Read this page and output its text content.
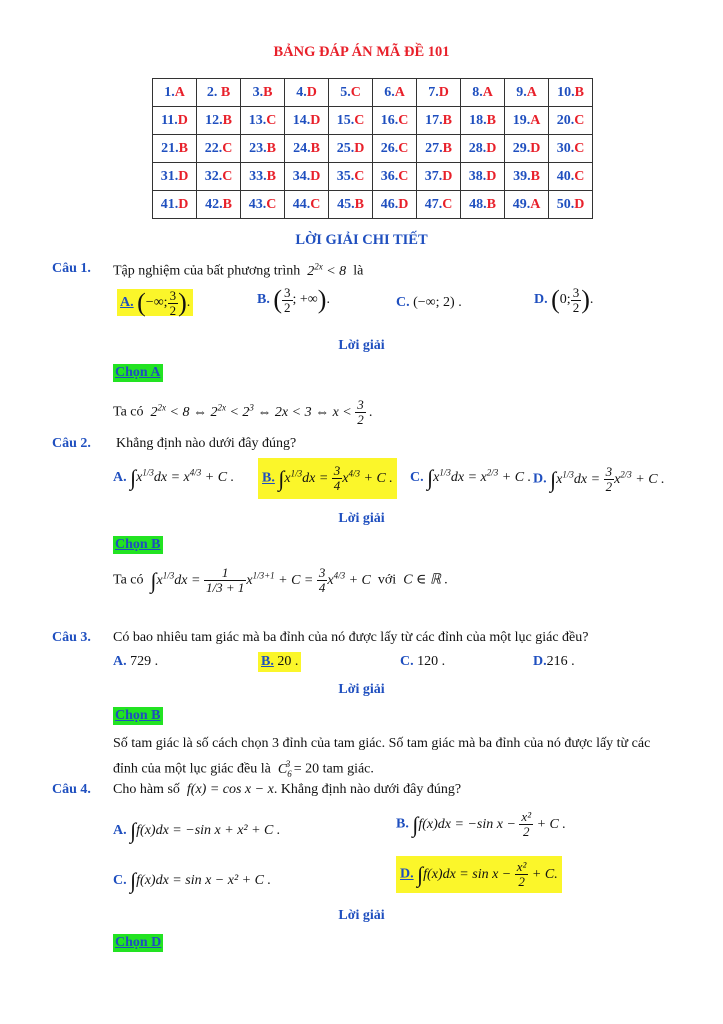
BẢNG ĐÁP ÁN MÃ ĐỀ 101
1.A	2. B	3.B	4.D	5.C	6.A	7.D	8.A	9.A	10.B
11.D	12.B	13.C	14.D	15.C	16.C	17.B	18.B	19.A	20.C
21.B	22.C	23.B	24.B	25.D	26.C	27.B	28.D	29.D	30.C
31.D	32.C	33.B	34.D	35.C	36.C	37.D	38.D	39.B	40.C
41.D	42.B	43.C	44.C	45.B	46.D	47.C	48.B	49.A	50.D
LỜI GIẢI CHI TIẾT
Câu 1. Tập nghiệm của bất phương trình $2^{2x} < 8$ là
A. (−∞; $\frac{3}{2}$ ).	B. ( $\frac{3}{2}$ ; +∞).	C. (−∞; 2) .	D. (0; $\frac{3}{2}$ ).
Lời giải
Chọn A
Ta có $2^{2x} < 8$ ⇔ $2^{2x} < 2^3$ ⇔ 2x < 3 ⇔ $x < \frac{3}{2}$ .
Câu 2. Khẳng định nào dưới đây đúng?
A. $\int x^{1/3}dx = x^{4/3} + C$ . B. $\int x^{1/3}dx = \frac{3}{4} x^{4/3} + C$ . C. $\int x^{1/3}dx = x^{2/3} + C$ . D. $\int x^{1/3}dx = \frac{3}{2} x^{2/3} + C$ .
Lời giải
Chọn B
Ta có $\int x^{1/3}dx = \frac{1}{1/3 + 1} x^{1/3+1} + C = \frac{3}{4} x^{4/3} + C$ với C ∈ ℝ .
Câu 3. Có bao nhiêu tam giác mà ba đỉnh của nó được lấy từ các đỉnh của một lục giác đều?
A. 729 .	B. 20 .	C. 120 .	D.216 .
Lời giải
Chọn B
Số tam giác là số cách chọn 3 đỉnh của tam giác. Số tam giác mà ba đỉnh của nó được lấy từ các
đỉnh của một lục giác đều là $C_6^3 = 20$ tam giác.
Câu 4. Cho hàm số f(x) = cos x − x. Khẳng định nào dưới đây đúng?
A. ∫f(x)dx = −sin x + x² + C .	B. ∫f(x)dx = −sin $x - \frac{\text{x²}}{2} + C$ .
C. ∫f(x)dx = sin x − x² + C .	D. $\int f(x)dx = \sin x - \frac{\text{x²}}{2} + C$.
Lời giải
Chọn D
